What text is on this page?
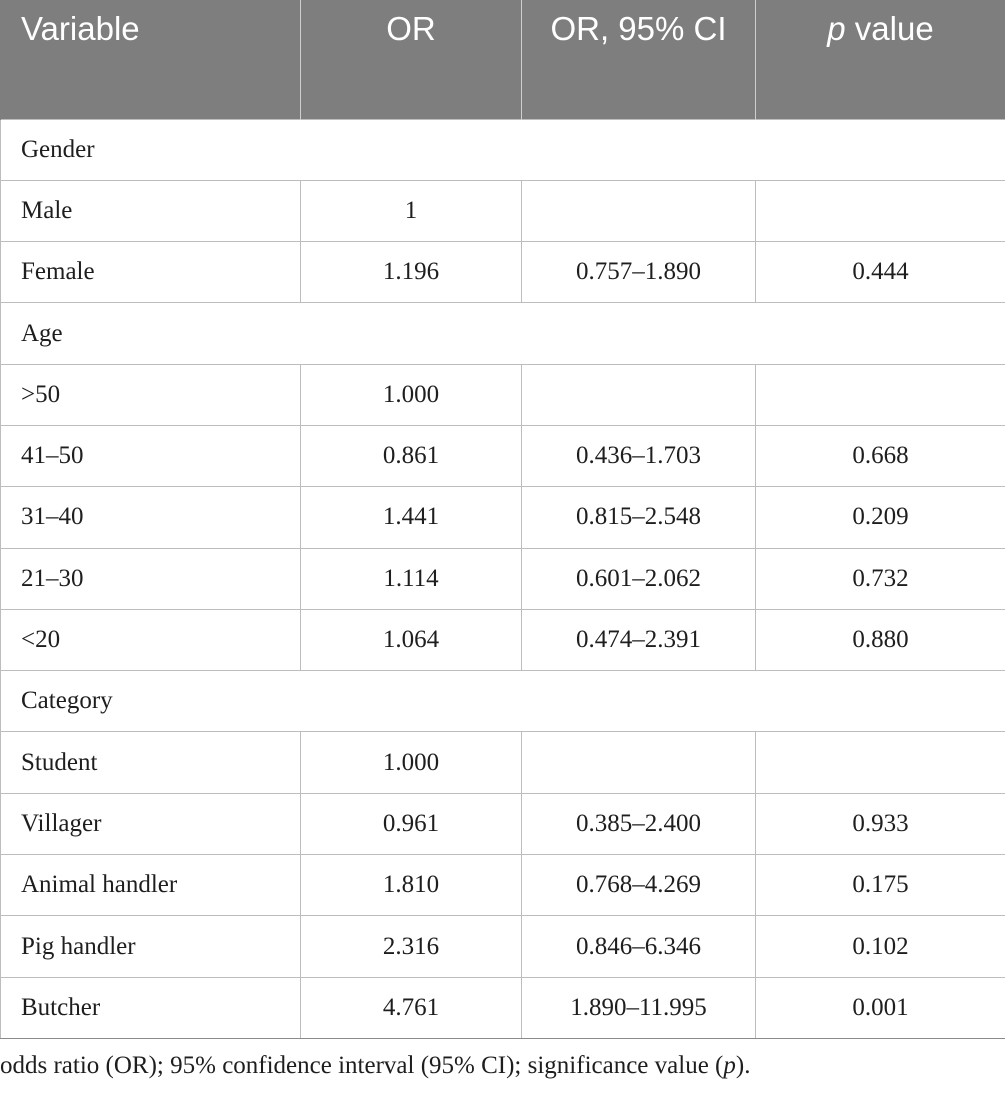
Variable	OR	OR, 95% CI	p value
Gender			
Male	1		
Female	1.196	0.757–1.890	0.444
Age			
>50	1.000		
41–50	0.861	0.436–1.703	0.668
31–40	1.441	0.815–2.548	0.209
21–30	1.114	0.601–2.062	0.732
<20	1.064	0.474–2.391	0.880
Category			
Student	1.000		
Villager	0.961	0.385–2.400	0.933
Animal handler	1.810	0.768–4.269	0.175
Pig handler	2.316	0.846–6.346	0.102
Butcher	4.761	1.890–11.995	0.001
odds ratio (OR); 95% confidence interval (95% CI); significance value (p).
